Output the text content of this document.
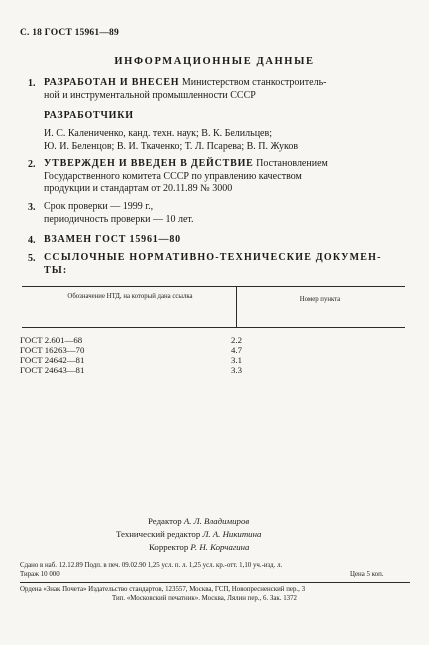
С. 18 ГОСТ 15961—89
ИНФОРМАЦИОННЫЕ ДАННЫЕ
1. РАЗРАБОТАН И ВНЕСЕН Министерством станкостроитель-
ной и инструментальной промышленности СССР
РАЗРАБОТЧИКИ
И. С. Калениченко, канд. техн. наук; В. К. Белильцев;
Ю. И. Беленцов; В. И. Ткаченко; Т. Л. Псарева; В. П. Жуков
2. УТВЕРЖДЕН И ВВЕДЕН В ДЕЙСТВИЕ Постановлением
Государственного комитета СССР по управлению качеством
продукции и стандартам от 20.11.89 № 3000
3. Срок проверки — 1999 г.,
периодичность проверки — 10 лет.
4. ВЗАМЕН ГОСТ 15961—80
5. ССЫЛОЧНЫЕ НОРМАТИВНО-ТЕХНИЧЕСКИЕ ДОКУМЕН-
ТЫ:
Обозначение НТД, на который дана ссылка	Номер пункта
ГОСТ 2.601—68	2.2
ГОСТ 16263—70	4.7
ГОСТ 24642—81	3.1
ГОСТ 24643—81	3.3
Редактор А. Л. Владимиров
Технический редактор Л. А. Никитина
Корректор Р. Н. Корчагина
Сдано в наб. 12.12.89 Подп. в печ. 09.02.90 1,25 усл. п. л. 1,25 усл. кр.-отт. 1,10 уч.-изд. л.
Тираж 10 000	Цена 5 коп.
Ордена «Знак Почета» Издательство стандартов, 123557, Москва, ГСП, Новопресненский пер., 3
Тип. «Московский печатник». Москва, Лялин пер., 6. Зак. 1372
